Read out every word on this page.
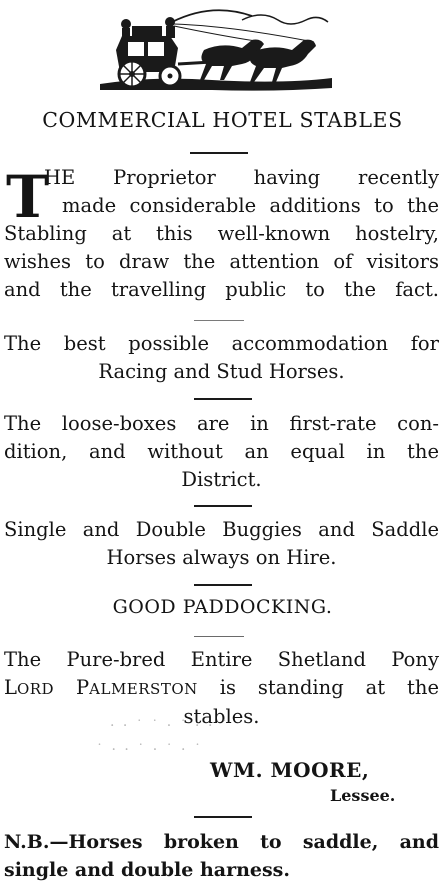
COMMERCIAL HOTEL STABLES
T
HE Proprietor having recently
made considerable additions to the
Stabling at this well-known hostelry,
wishes to draw the attention of visitors
and the travelling public to the fact.
The best possible accommodation for
Racing and Stud Horses.
The loose-boxes are in first-rate con-
dition, and without an equal in the
District.
Single and Double Buggies and Saddle
Horses always on Hire.
GOOD PADDOCKING.
The Pure-bred Entire Shetland Pony
LORD PALMERSTON is standing at the
stables.
· · ˙ ˙ · ˙ · · ˙
˙ · · ˙ · ˙ · ˙
WM. MOORE,
Lessee.
N.B.—Horses broken to saddle, and
single and double harness.
